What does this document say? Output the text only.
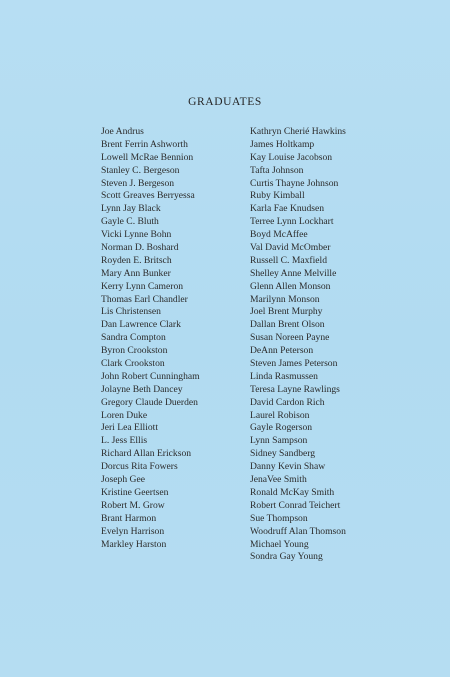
GRADUATES
Joe Andrus
Brent Ferrin Ashworth
Lowell McRae Bennion
Stanley C. Bergeson
Steven J. Bergeson
Scott Greaves Berryessa
Lynn Jay Black
Gayle C. Bluth
Vicki Lynne Bohn
Norman D. Boshard
Royden E. Britsch
Mary Ann Bunker
Kerry Lynn Cameron
Thomas Earl Chandler
Lis Christensen
Dan Lawrence Clark
Sandra Compton
Byron Crookston
Clark Crookston
John Robert Cunningham
Jolayne Beth Dancey
Gregory Claude Duerden
Loren Duke
Jeri Lea Elliott
L. Jess Ellis
Richard Allan Erickson
Dorcus Rita Fowers
Joseph Gee
Kristine Geertsen
Robert M. Grow
Brant Harmon
Evelyn Harrison
Markley Harston
Kathryn Cherié Hawkins
James Holtkamp
Kay Louise Jacobson
Tafta Johnson
Curtis Thayne Johnson
Ruby Kimball
Karla Fae Knudsen
Terree Lynn Lockhart
Boyd McAffee
Val David McOmber
Russell C. Maxfield
Shelley Anne Melville
Glenn Allen Monson
Marilynn Monson
Joel Brent Murphy
Dallan Brent Olson
Susan Noreen Payne
DeAnn Peterson
Steven James Peterson
Linda Rasmussen
Teresa Layne Rawlings
David Cardon Rich
Laurel Robison
Gayle Rogerson
Lynn Sampson
Sidney Sandberg
Danny Kevin Shaw
JenaVee Smith
Ronald McKay Smith
Robert Conrad Teichert
Sue Thompson
Woodruff Alan Thomson
Michael Young
Sondra Gay Young
